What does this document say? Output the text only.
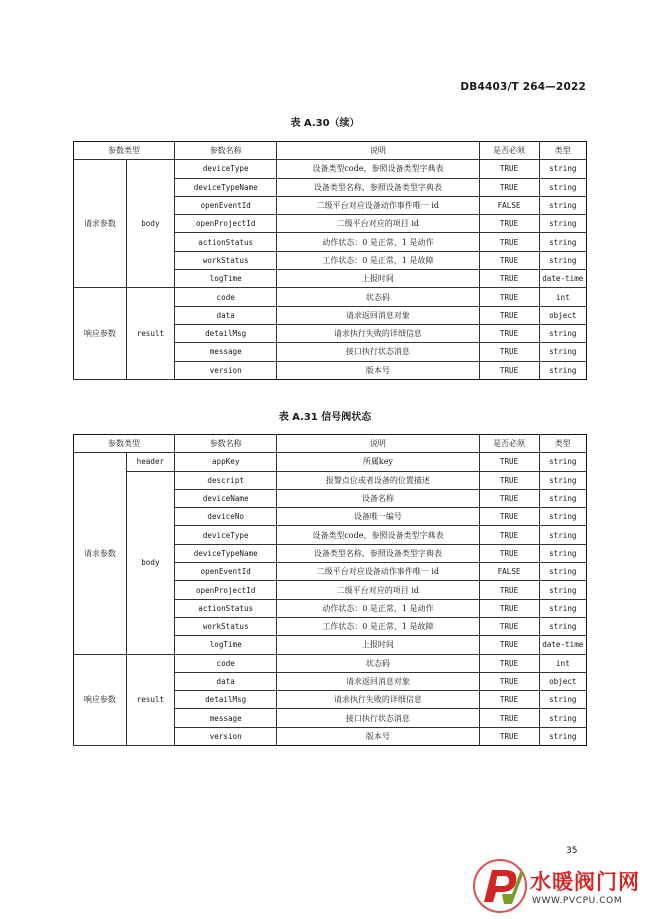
DB4403/T 264—2022
表 A.30（续）
参数类型		参数名称	说明	是否必须	类型
请求参数	body	deviceType	设备类型code，参照设备类型字典表	TRUE	string
		deviceTypeName	设备类型名称，参照设备类型字典表	TRUE	string
		openEventId	二级平台对应设备动作事件唯一 id	FALSE	string
		openProjectId	二级平台对应的项目 id	TRUE	string
		actionStatus	动作状态：0 是正常，1 是动作	TRUE	string
		workStatus	工作状态：0 是正常，1 是故障	TRUE	string
		logTime	上报时间	TRUE	date-time
响应参数	result	code	状态码	TRUE	int
		data	请求返回消息对象	TRUE	object
		detailMsg	请求执行失败的详细信息	TRUE	string
		message	接口执行状态消息	TRUE	string
		version	版本号	TRUE	string
表 A.31 信号阀状态
参数类型		参数名称	说明	是否必须	类型
请求参数	header	appKey	所属key	TRUE	string
	body	descript	报警点位或者设备的位置描述	TRUE	string
		deviceName	设备名称	TRUE	string
		deviceNo	设备唯一编号	TRUE	string
		deviceType	设备类型code，参照设备类型字典表	TRUE	string
		deviceTypeName	设备类型名称，参照设备类型字典表	TRUE	string
		openEventId	二级平台对应设备动作事件唯一 id	FALSE	string
		openProjectId	二级平台对应的项目 id	TRUE	string
		actionStatus	动作状态：0 是正常，1 是动作	TRUE	string
		workStatus	工作状态：0 是正常，1 是故障	TRUE	string
		logTime	上报时间	TRUE	date-time
响应参数	result	code	状态码	TRUE	int
		data	请求返回消息对象	TRUE	object
		detailMsg	请求执行失败的详细信息	TRUE	string
		message	接口执行状态消息	TRUE	string
		version	版本号	TRUE	string
35
水暖阀门网
WWW.PVCPU.COM
